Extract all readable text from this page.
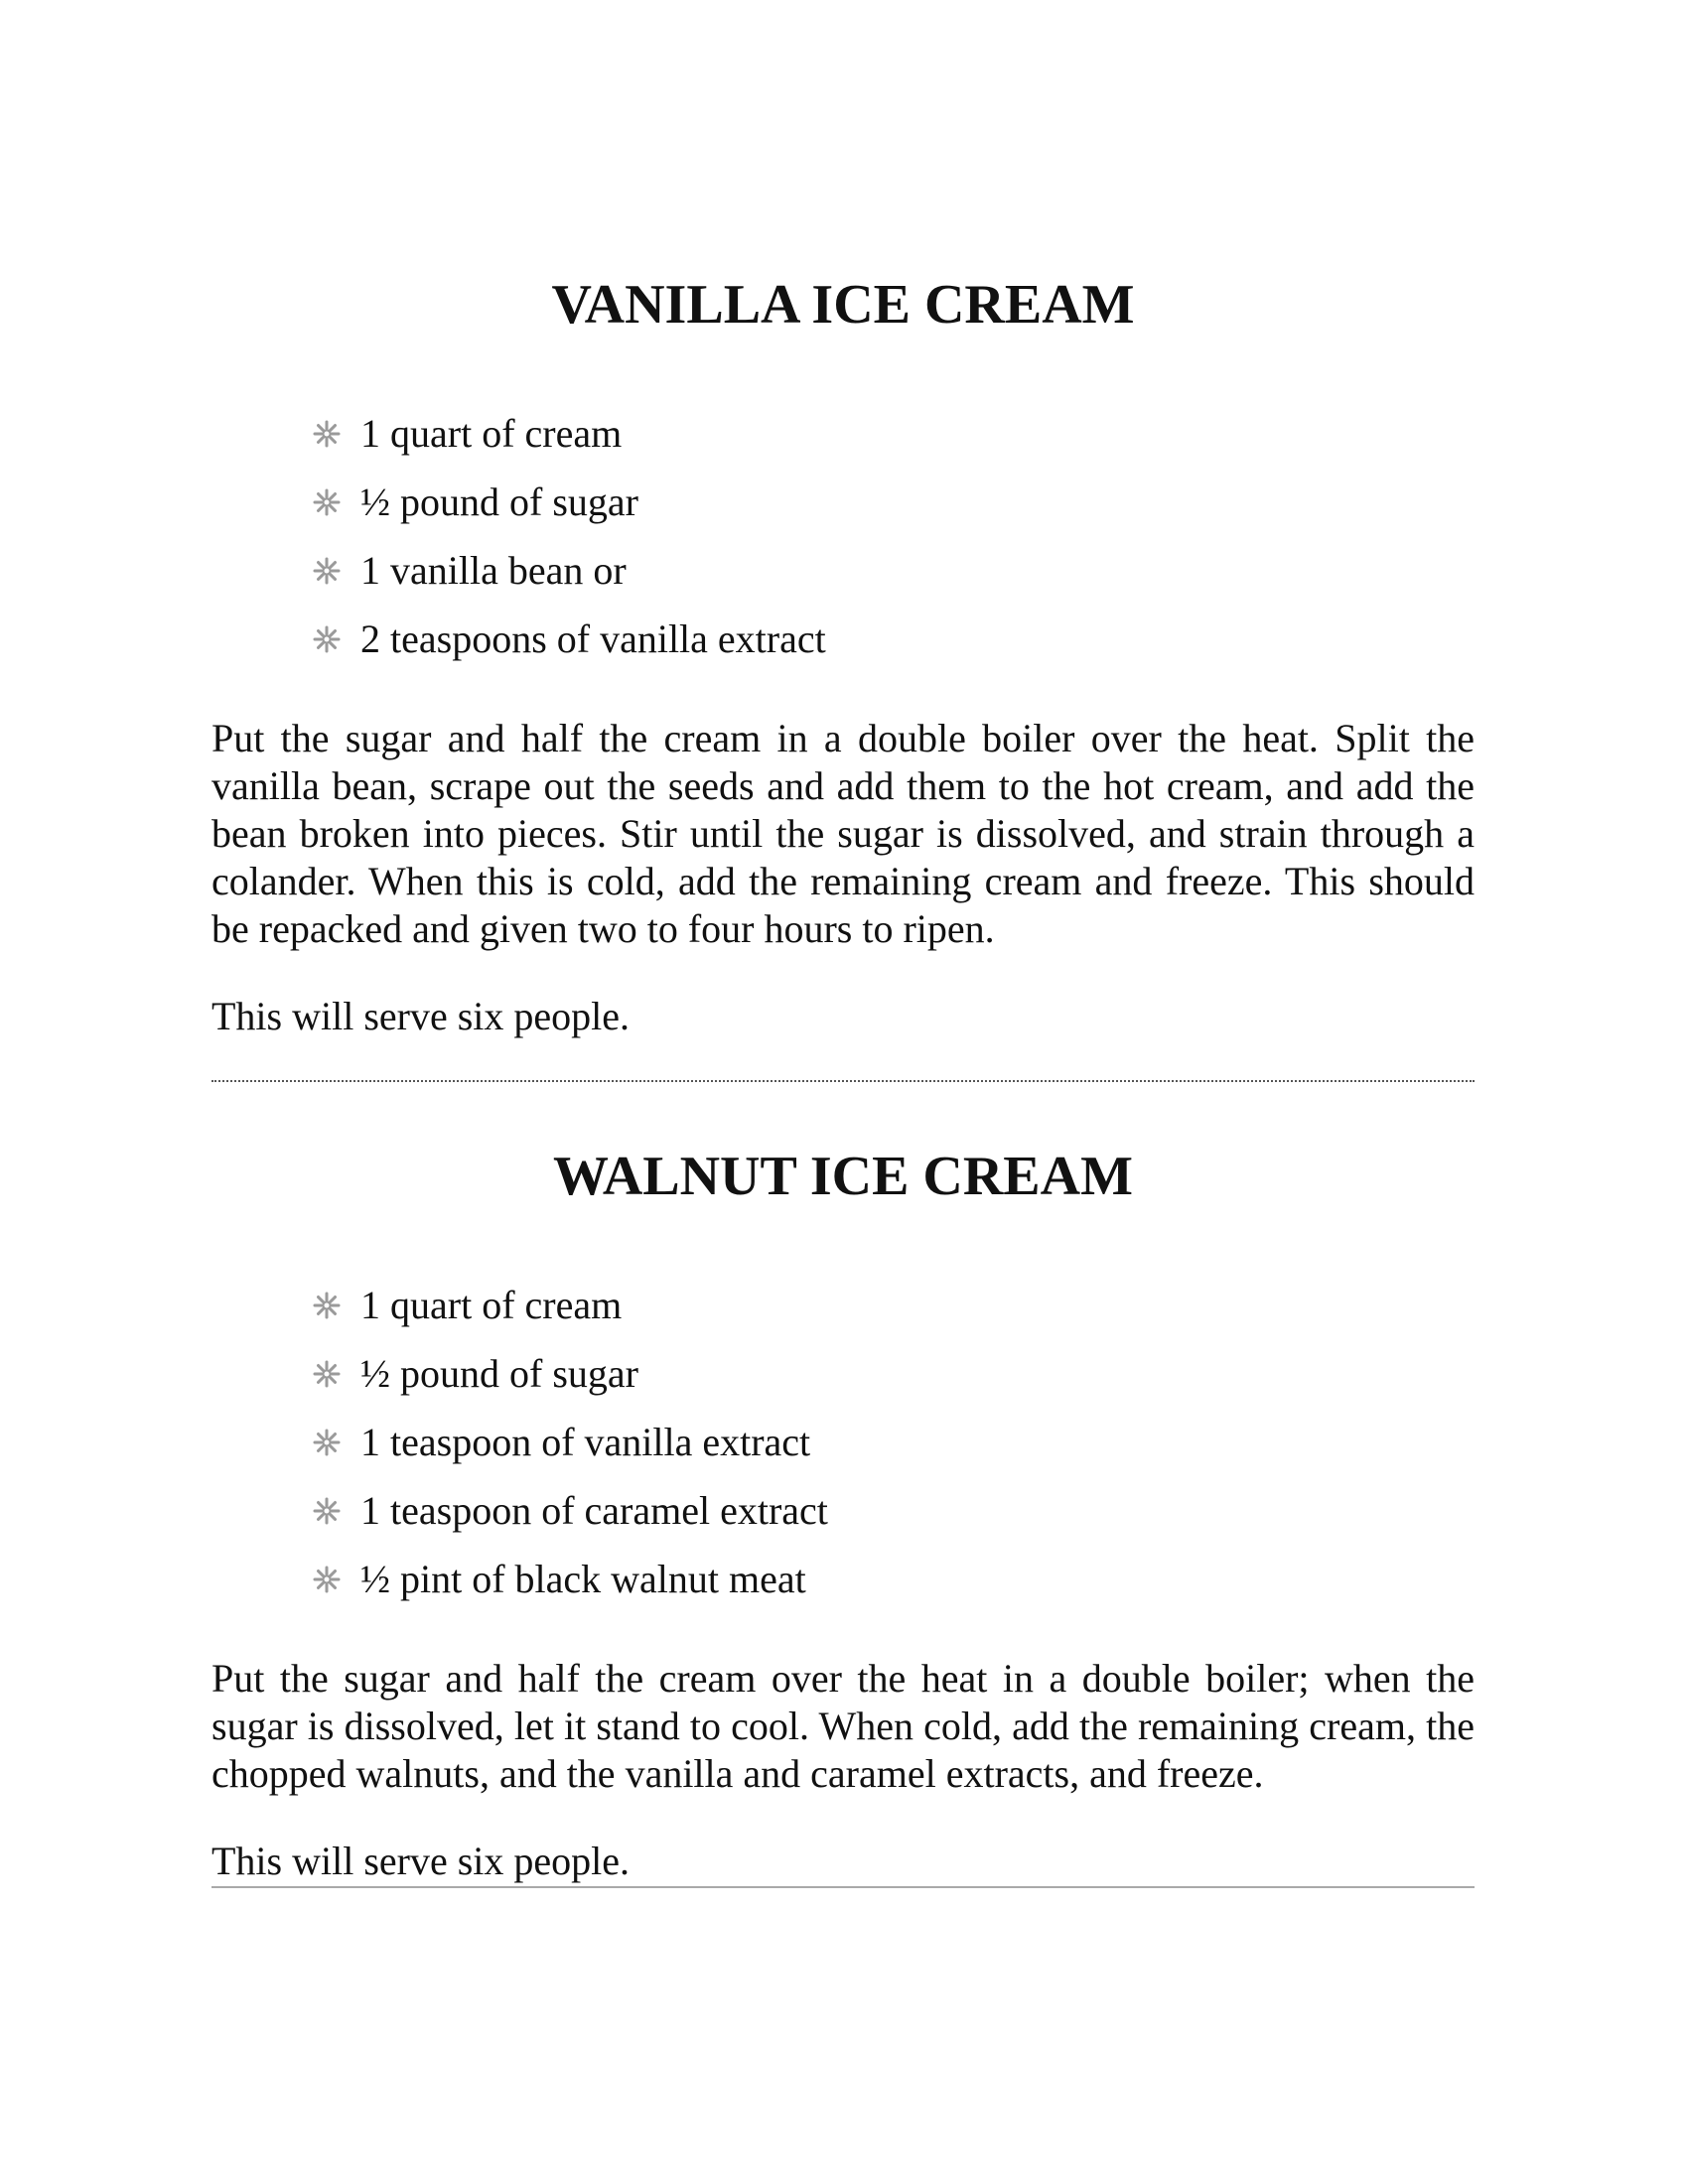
VANILLA ICE CREAM
1 quart of cream
½ pound of sugar
1 vanilla bean or
2 teaspoons of vanilla extract

Put the sugar and half the cream in a double boiler over the heat. Split the vanilla bean, scrape out the seeds and add them to the hot cream, and add the bean broken into pieces. Stir until the sugar is dissolved, and strain through a colander. When this is cold, add the remaining cream and freeze. This should be repacked and given two to four hours to ripen.

This will serve six people.

WALNUT ICE CREAM
1 quart of cream
½ pound of sugar
1 teaspoon of vanilla extract
1 teaspoon of caramel extract
½ pint of black walnut meat

Put the sugar and half the cream over the heat in a double boiler; when the sugar is dissolved, let it stand to cool. When cold, add the remaining cream, the chopped walnuts, and the vanilla and caramel extracts, and freeze.

This will serve six people.
